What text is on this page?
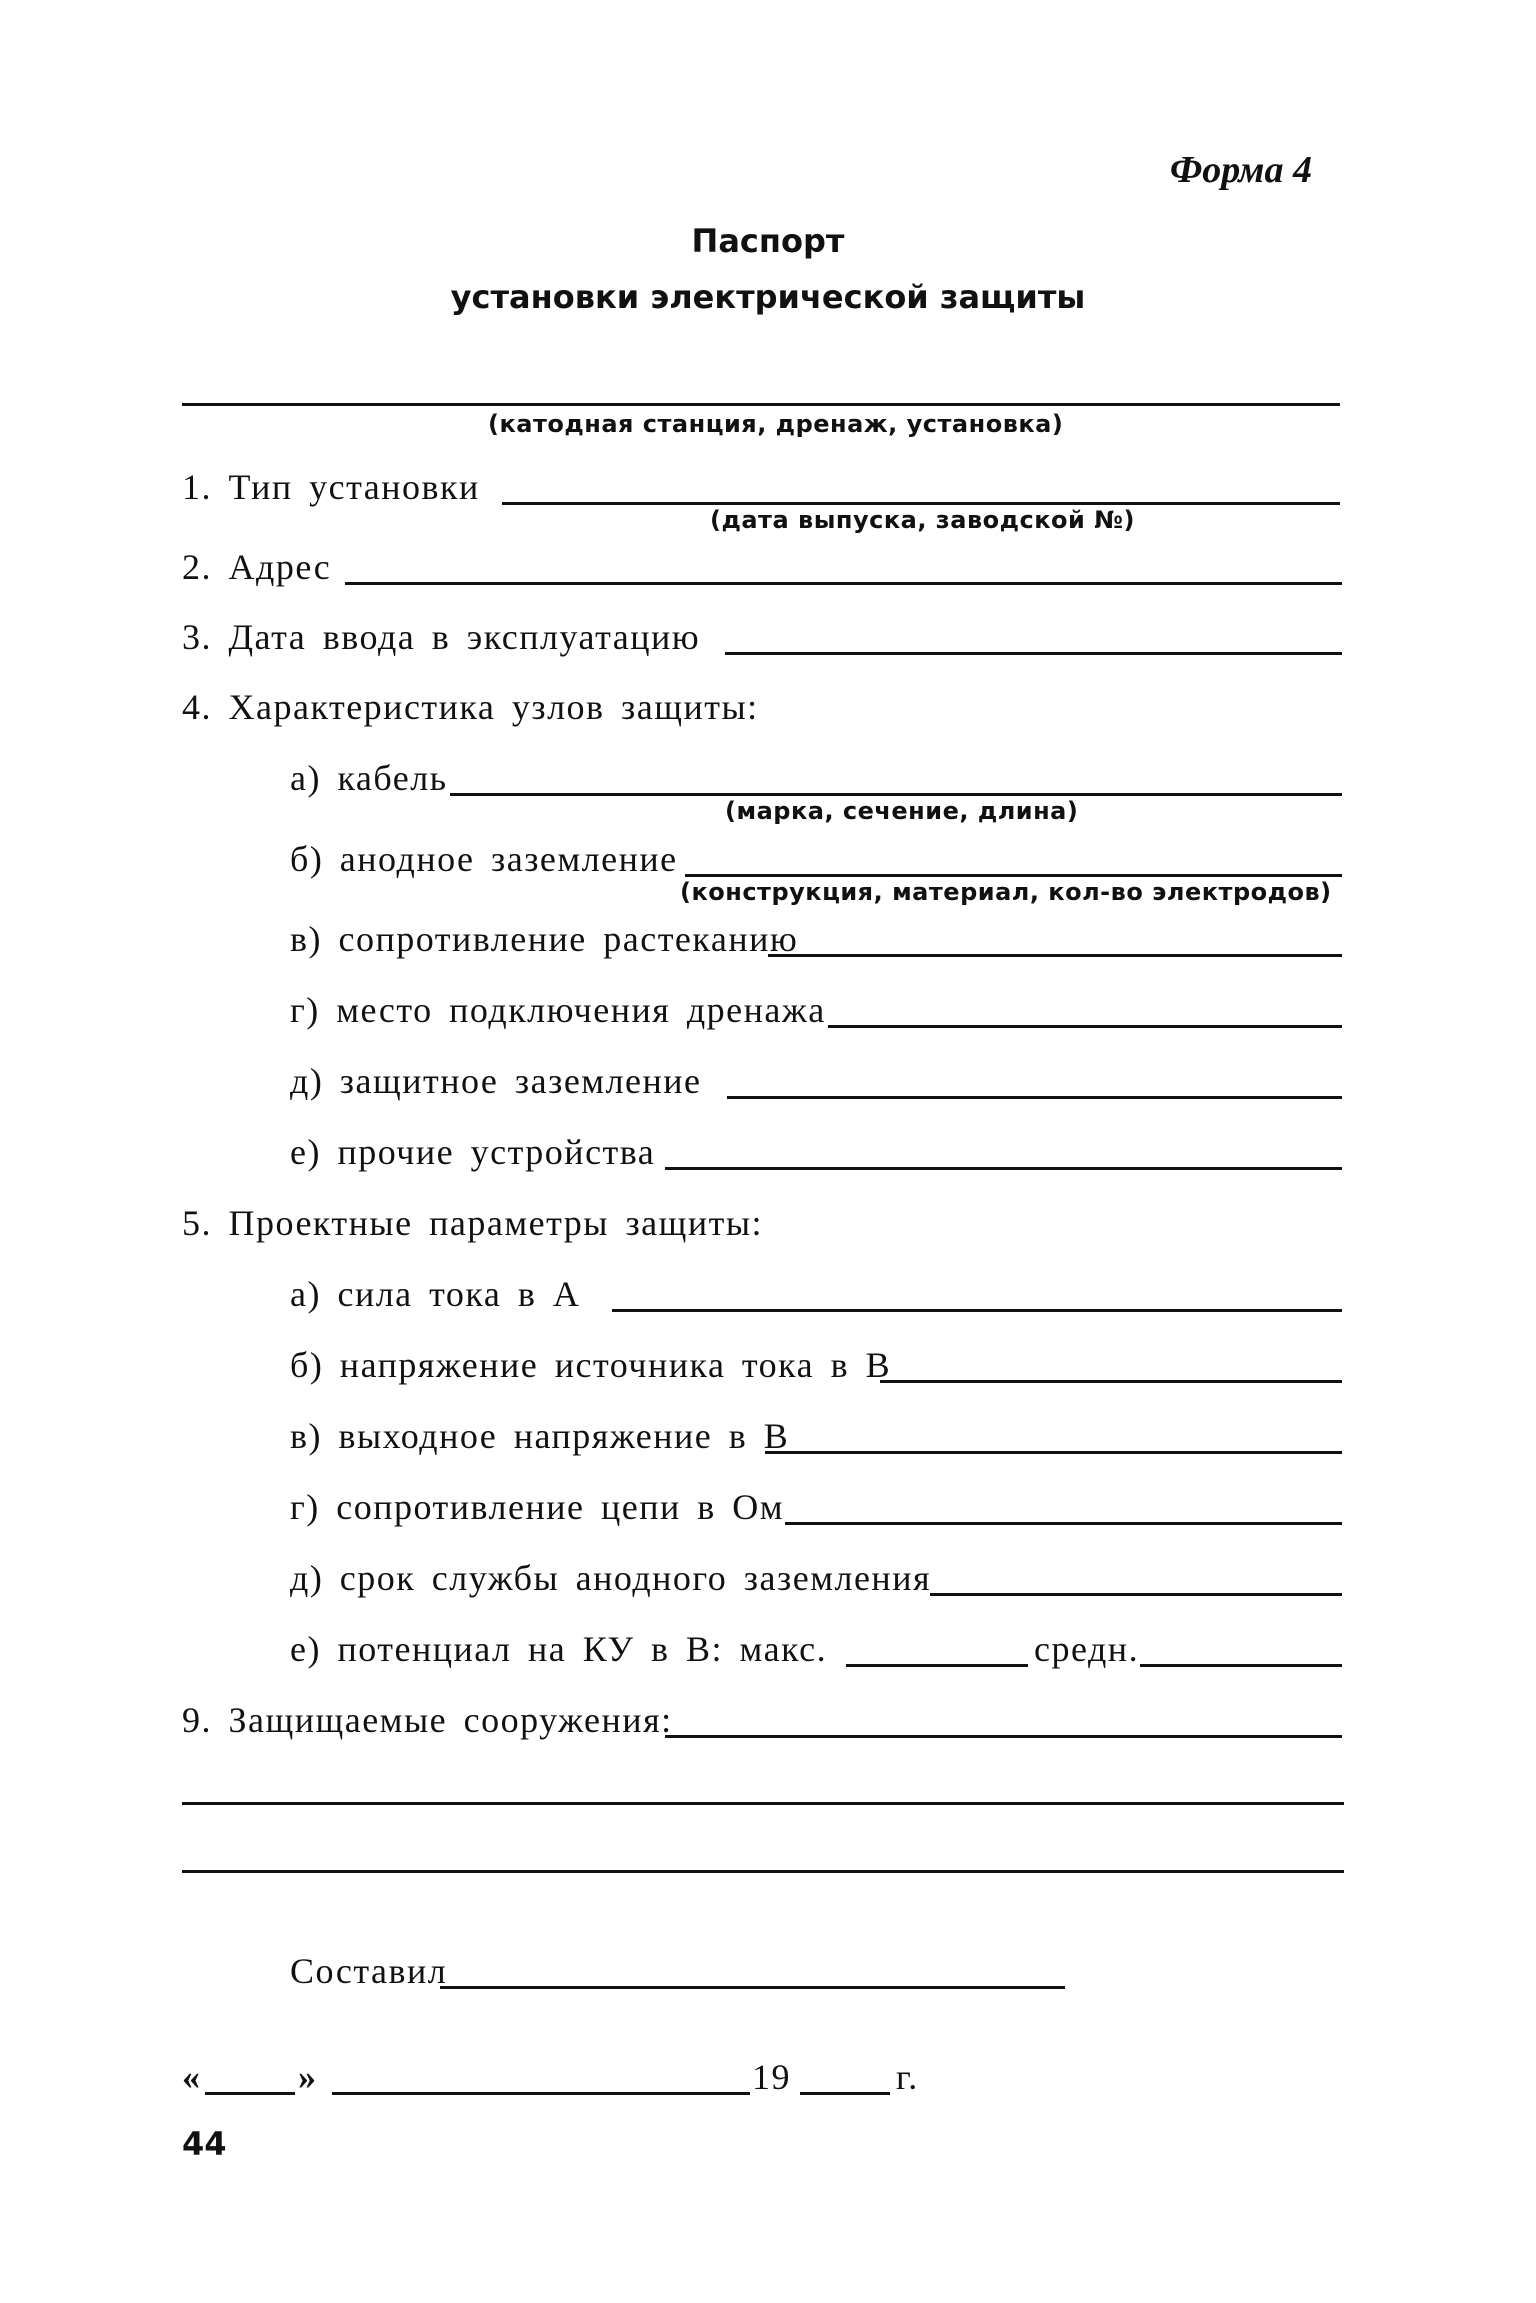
Форма 4
Паспорт
установки электрической защиты
(катодная станция, дренаж, установка)
1. Тип установки
(дата выпуска, заводской №)
2. Адрес
3. Дата ввода в эксплуатацию
4. Характеристика узлов защиты:
а) кабель
(марка, сечение, длина)
б) анодное заземление
(конструкция, материал, кол-во электродов)
в) сопротивление растеканию
г) место подключения дренажа
д) защитное заземление
е) прочие устройства
5. Проектные параметры защиты:
а) сила тока в А
б) напряжение источника тока в В
в) выходное напряжение в В
г) сопротивление цепи в Ом
д) срок службы анодного заземления
е) потенциал на КУ в В: макс.	средн.
9. Защищаемые сооружения:
Составил
«	»	19	г.
44
